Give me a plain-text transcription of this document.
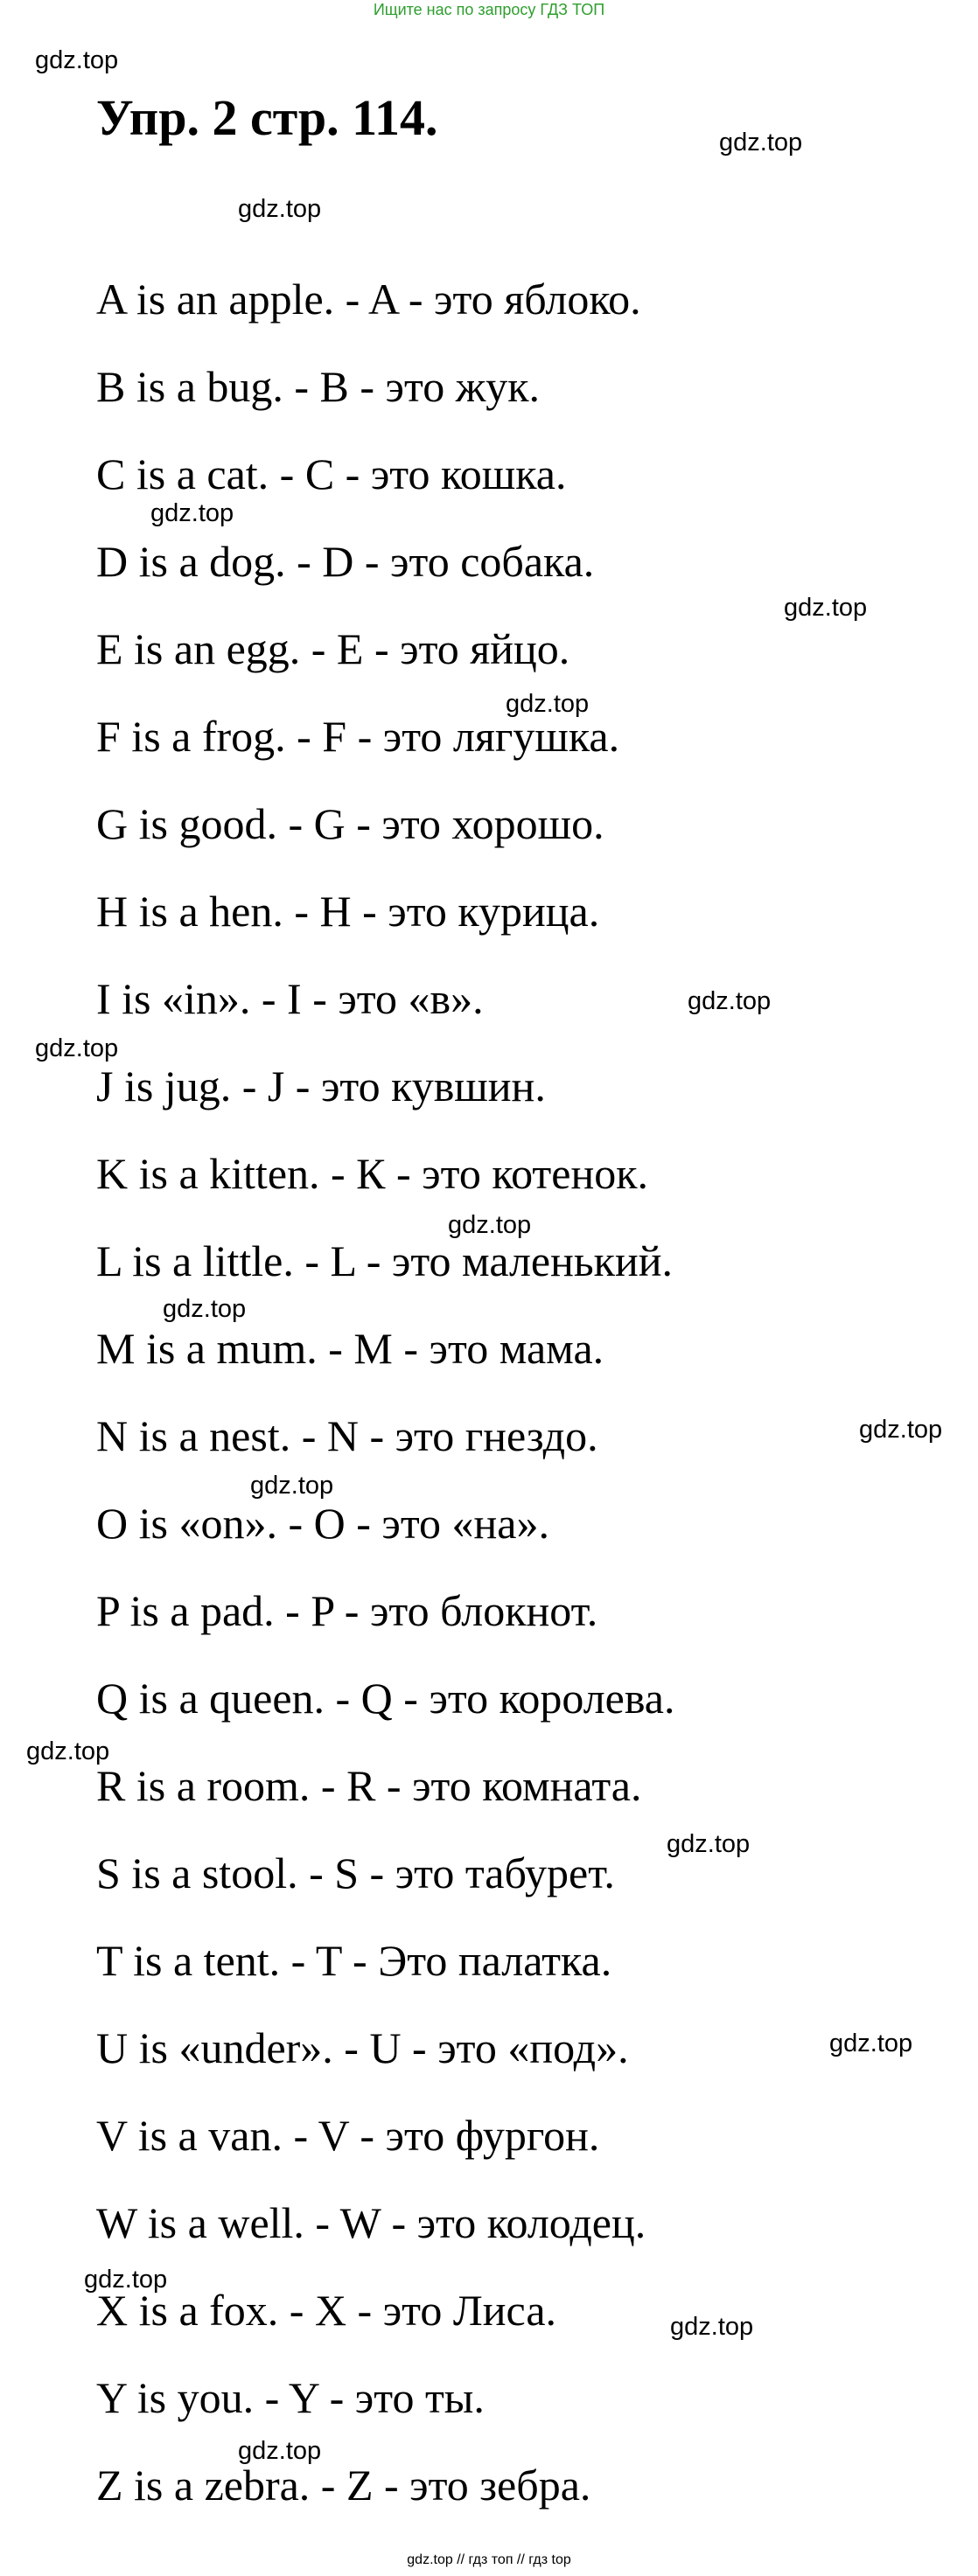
Ищите нас по запросу ГДЗ ТОП
Упр. 2 стр. 114.

A is an apple. - A - это яблоко.

B is a bug. - B - это жук.

C is a cat. - C - это кошка.

D is a dog. - D - это собака.

E is an egg. - E - это яйцо.

F is a frog. - F - это лягушка.

G is good. - G - это хорошо.

H is a hen. - H - это курица.

I is «in». - I - это «в».

J is jug. - J - это кувшин.

K is a kitten. - К - это котенок.

L is a little. - L - это маленький.

M is a mum. - M - это мама.

N is a nest. - N - это гнездо.

O is «on». - O - это «на».

P is a pad. - P - это блокнот.

Q is a queen. - Q - это королева.

R is a room. - R - это комната.

S is a stool. - S - это табурет.

T is a tent. - T - Это палатка.

U is «under». - U - это «под».

V is a van. - V - это фургон.

W is a well. - W - это колодец.

X is a fox. - X - это Лиса.

Y is you. - Y - это ты.

Z is a zebra. - Z - это зебра.

gdz.top
gdz.top
gdz.top
gdz.top
gdz.top
gdz.top
gdz.top
gdz.top
gdz.top
gdz.top
gdz.top
gdz.top
gdz.top
gdz.top
gdz.top
gdz.top
gdz.top
gdz.top
gdz.top // гдз топ // гдз top
